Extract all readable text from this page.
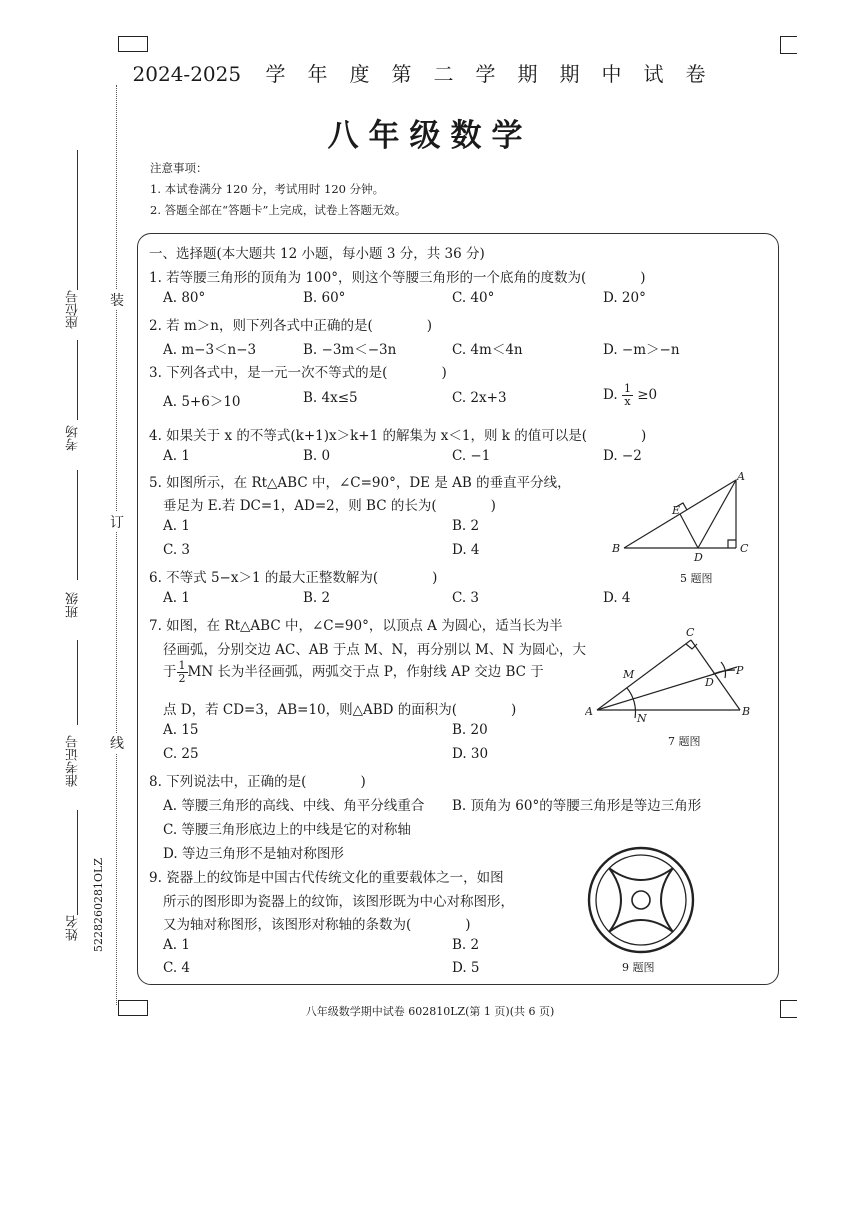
2024-2025 学年度第二学期期中试卷
八年级数学
注意事项：
1. 本试卷满分 120 分，考试用时 120 分钟。
2. 答题全部在“答题卡”上完成，试卷上答题无效。
装
订
线
座位号
考场
班级
准考证号
姓名 5228260281OLZ
一、选择题(本大题共 12 小题，每小题 3 分，共 36 分)
1. 若等腰三角形的顶角为 100°，则这个等腰三角形的一个底角的度数为(　　　　)
A. 80°	B. 60°	C. 40°	D. 20°
2. 若 m＞n，则下列各式中正确的是(　　　　)
A. m−3＜n−3	B. −3m＜−3n	C. 4m＜4n	D. −m＞−n
3. 下列各式中，是一元一次不等式的是(　　　　)
A. 5+6＞10	B. 4x≤5	C. 2x+3	D. $\frac{1}{x} \ge 0$
4. 如果关于 x 的不等式(k+1)x＞k+1 的解集为 x＜1，则 k 的值可以是(　　　　)
A. 1	B. 0	C. −1	D. −2
5. 如图所示，在 Rt△ABC 中，∠C=90°，DE 是 AB 的垂直平分线，
垂足为 E.若 DC=1，AD=2，则 BC 的长为(　　　　)
A. 1	B. 2
C. 3	D. 4
A
E
B
D
C
5 题图
6. 不等式 5−x＞1 的最大正整数解为(　　　　)
A. 1	B. 2	C. 3	D. 4
7. 如图，在 Rt△ABC 中，∠C=90°，以顶点 A 为圆心，适当长为半
径画弧，分别交边 AC、AB 于点 M、N，再分别以 M、N 为圆心，大
于 $\frac{1}{2}$ MN 长为半径画弧，两弧交于点 P，作射线 AP 交边 BC 于
点 D，若 CD=3，AB=10，则△ABD 的面积为(　　　　)
A. 15	B. 20
C. 25	D. 30
C
M	P
D
A
N
B
7 题图
8. 下列说法中，正确的是(　　　　)
A. 等腰三角形的高线、中线、角平分线重合 B. 顶角为 60°的等腰三角形是等边三角形
C. 等腰三角形底边上的中线是它的对称轴
D. 等边三角形不是轴对称图形
9. 瓷器上的纹饰是中国古代传统文化的重要载体之一，如图
所示的图形即为瓷器上的纹饰，该图形既为中心对称图形，
又为轴对称图形，该图形对称轴的条数为(　　　　)
A. 1	B. 2
C. 4	D. 5	9 题图
八年级数学期中试卷 602810LZ(第 1 页)(共 6 页)
